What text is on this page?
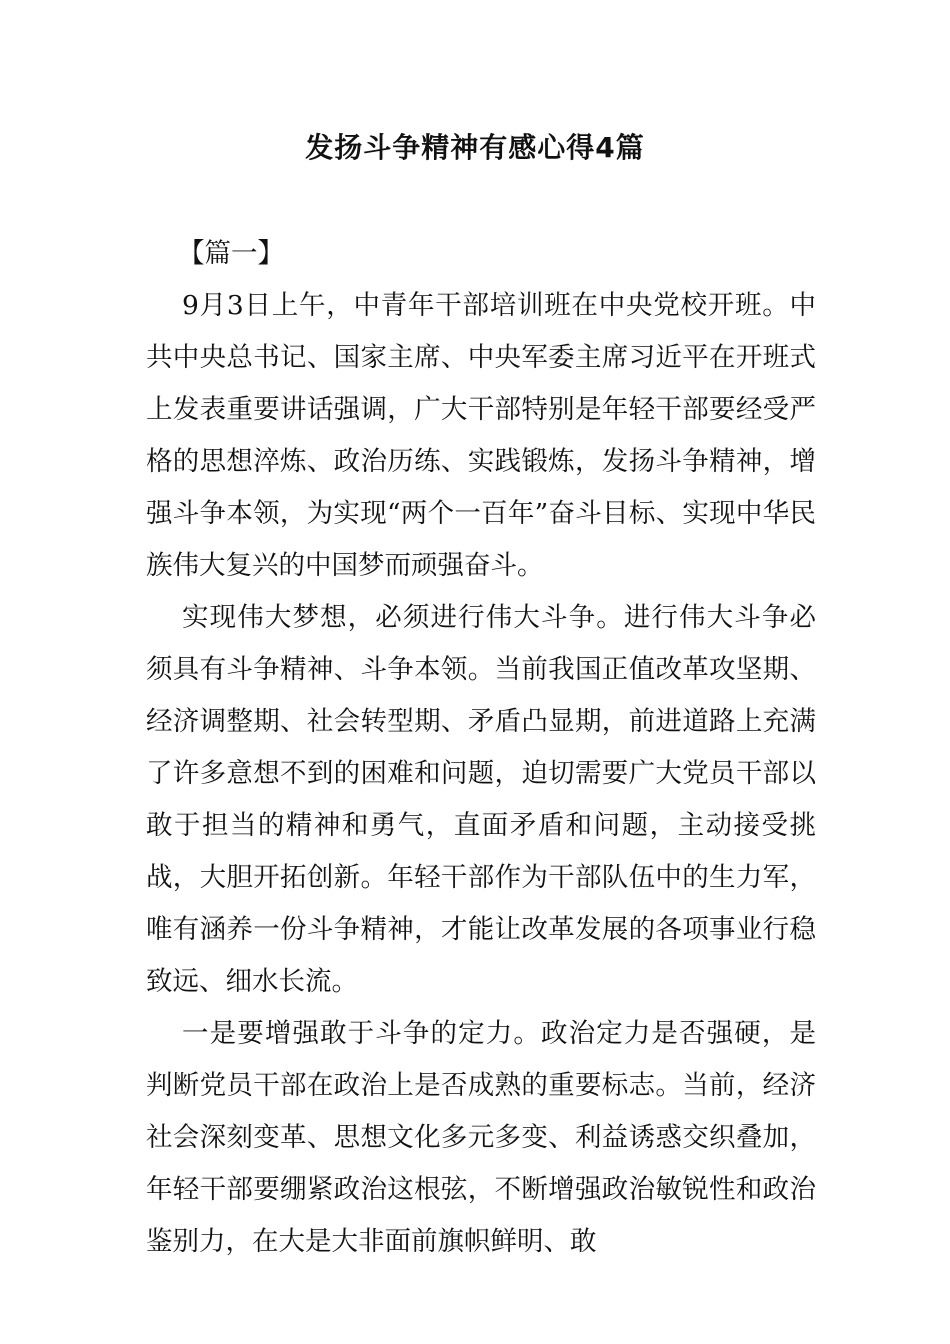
发扬斗争精神有感心得4篇

【篇一】

9月3日上午，中青年干部培训班在中央党校开班。中共中央总书记、国家主席、中央军委主席习近平在开班式上发表重要讲话强调，广大干部特别是年轻干部要经受严格的思想淬炼、政治历练、实践锻炼，发扬斗争精神，增强斗争本领，为实现“两个一百年”奋斗目标、实现中华民族伟大复兴的中国梦而顽强奋斗。

实现伟大梦想，必须进行伟大斗争。进行伟大斗争必须具有斗争精神、斗争本领。当前我国正值改革攻坚期、经济调整期、社会转型期、矛盾凸显期，前进道路上充满了许多意想不到的困难和问题，迫切需要广大党员干部以敢于担当的精神和勇气，直面矛盾和问题，主动接受挑战，大胆开拓创新。年轻干部作为干部队伍中的生力军，唯有涵养一份斗争精神，才能让改革发展的各项事业行稳致远、细水长流。

一是要增强敢于斗争的定力。政治定力是否强硬，是判断党员干部在政治上是否成熟的重要标志。当前，经济社会深刻变革、思想文化多元多变、利益诱惑交织叠加，年轻干部要绷紧政治这根弦，不断增强政治敏锐性和政治鉴别力，在大是大非面前旗帜鲜明、敢
